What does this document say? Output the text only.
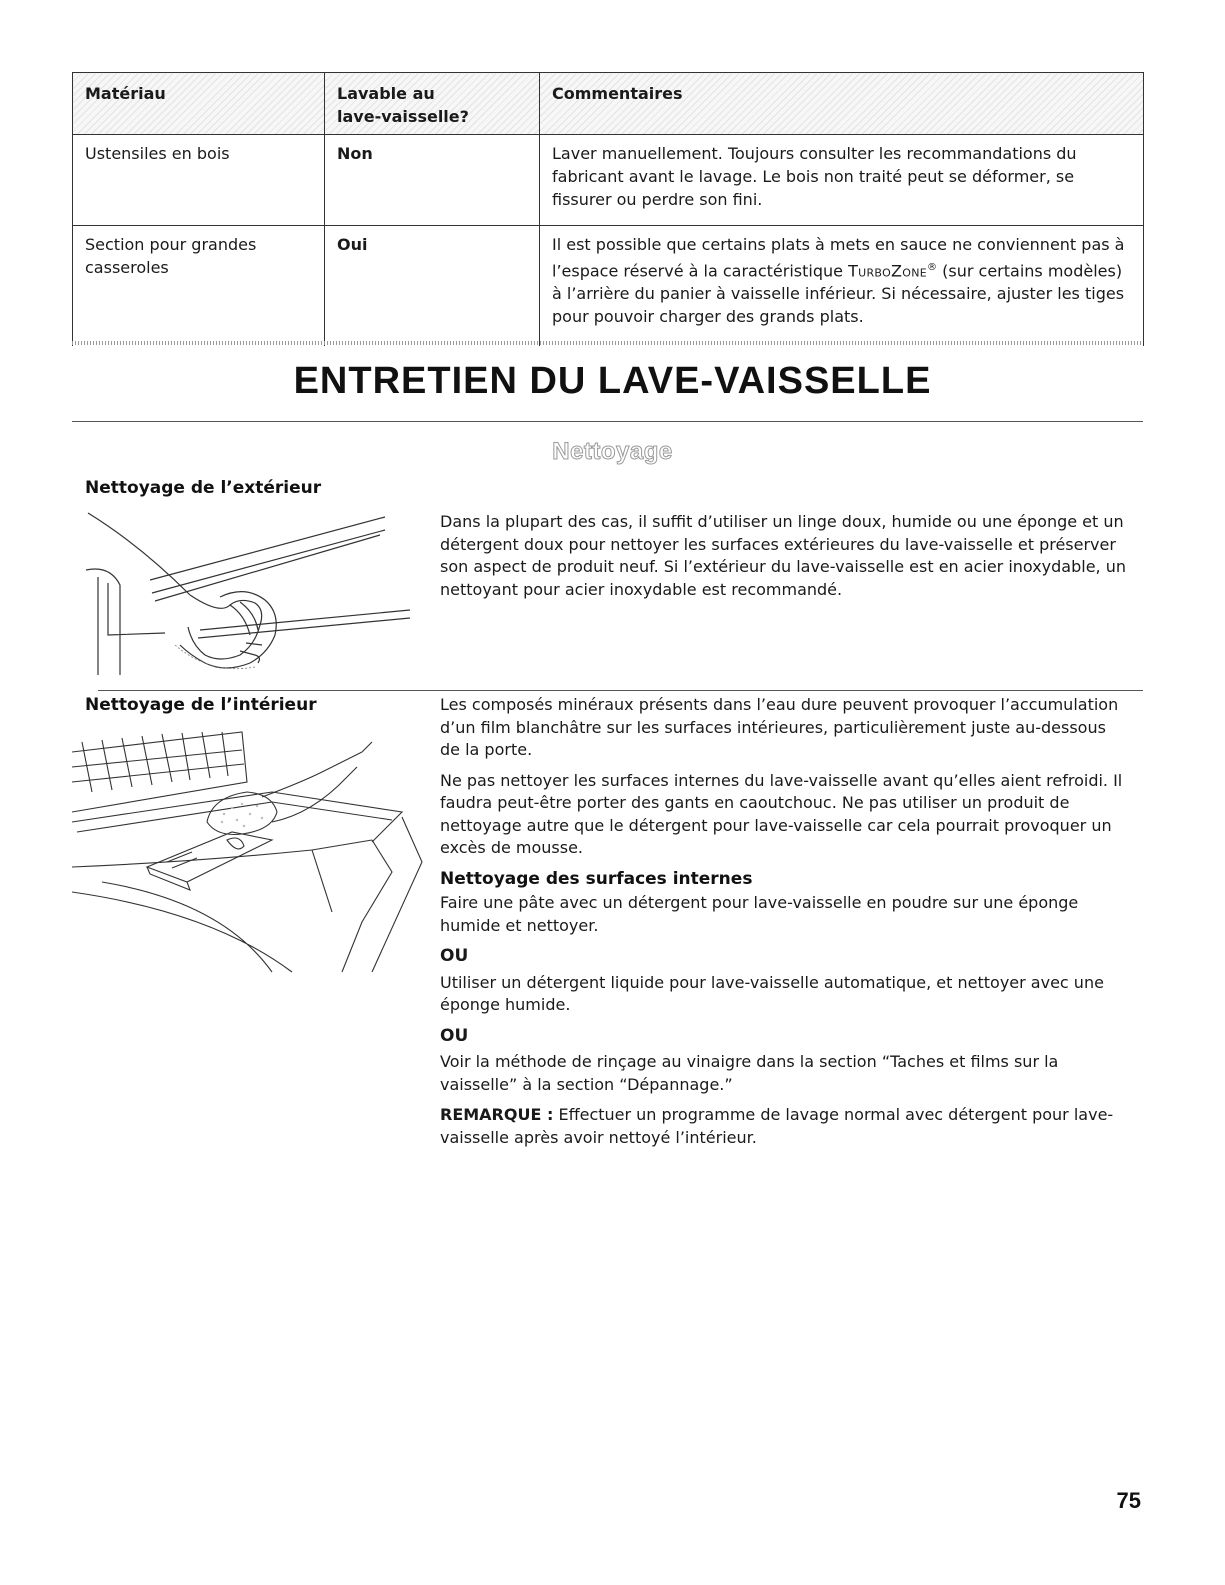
Matériau	Lavable au lave-vaisselle?	Commentaires
Ustensiles en bois	Non	Laver manuellement. Toujours consulter les recommandations du fabricant avant le lavage. Le bois non traité peut se déformer, se fissurer ou perdre son fini.
Section pour grandes casseroles	Oui	Il est possible que certains plats à mets en sauce ne conviennent pas à l’espace réservé à la caractéristique TurboZone® (sur certains modèles) à l’arrière du panier à vaisselle inférieur. Si nécessaire, ajuster les tiges pour pouvoir charger des grands plats.
ENTRETIEN DU LAVE-VAISSELLE
Nettoyage
Nettoyage de l’extérieur

Dans la plupart des cas, il suffit d’utiliser un linge doux, humide ou une éponge et un détergent doux pour nettoyer les surfaces extérieures du lave-vaisselle et préserver son aspect de produit neuf. Si l’extérieur du lave-vaisselle est en acier inoxydable, un nettoyant pour acier inoxydable est recommandé.

Nettoyage de l’intérieur	Les composés minéraux présents dans l’eau dure peuvent provoquer l’accumulation d’un film blanchâtre sur les surfaces intérieures, particulièrement juste au-dessous de la porte.

Ne pas nettoyer les surfaces internes du lave-vaisselle avant qu’elles aient refroidi. Il faudra peut-être porter des gants en caoutchouc. Ne pas utiliser un produit de nettoyage autre que le détergent pour lave-vaisselle car cela pourrait provoquer un excès de mousse.

Nettoyage des surfaces internes

Faire une pâte avec un détergent pour lave-vaisselle en poudre sur une éponge humide et nettoyer.

OU

Utiliser un détergent liquide pour lave-vaisselle automatique, et nettoyer avec une éponge humide.

OU

Voir la méthode de rinçage au vinaigre dans la section “Taches et films sur la vaisselle” à la section “Dépannage.”

REMARQUE : Effectuer un programme de lavage normal avec détergent pour lave-vaisselle après avoir nettoyé l’intérieur.

75
